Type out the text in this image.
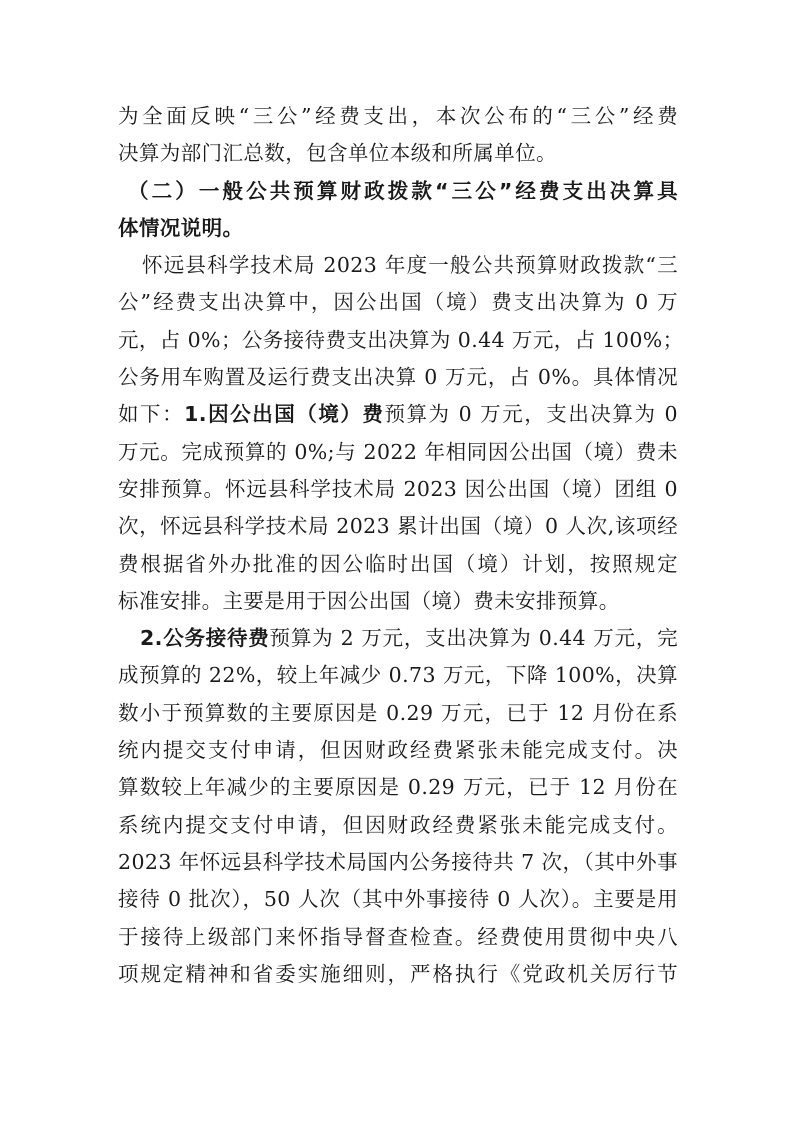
为全面反映“三公”经费支出，本次公布的“三公”经费
决算为部门汇总数，包含单位本级和所属单位。
（二）一般公共预算财政拨款“三公”经费支出决算具
体情况说明。
怀远县科学技术局 2023 年度一般公共预算财政拨款“三
公”经费支出决算中，因公出国（境）费支出决算为 0 万
元，占 0%；公务接待费支出决算为 0.44 万元，占 100%；
公务用车购置及运行费支出决算 0 万元，占 0%。具体情况
如下：1.因公出国（境）费预算为 0 万元，支出决算为 0
万元。完成预算的 0%;与 2022 年相同因公出国（境）费未
安排预算。怀远县科学技术局 2023 因公出国（境）团组 0
次，怀远县科学技术局 2023 累计出国（境）0 人次,该项经
费根据省外办批准的因公临时出国（境）计划，按照规定
标准安排。主要是用于因公出国（境）费未安排预算。
2.公务接待费预算为 2 万元，支出决算为 0.44 万元，完
成预算的 22%，较上年减少 0.73 万元，下降 100%，决算
数小于预算数的主要原因是 0.29 万元，已于 12 月份在系
统内提交支付申请，但因财政经费紧张未能完成支付。决
算数较上年减少的主要原因是 0.29 万元，已于 12 月份在
系统内提交支付申请，但因财政经费紧张未能完成支付。
2023 年怀远县科学技术局国内公务接待共 7 次，（其中外事
接待 0 批次），50 人次（其中外事接待 0 人次）。主要是用
于接待上级部门来怀指导督查检查。经费使用贯彻中央八
项规定精神和省委实施细则，严格执行《党政机关厉行节
